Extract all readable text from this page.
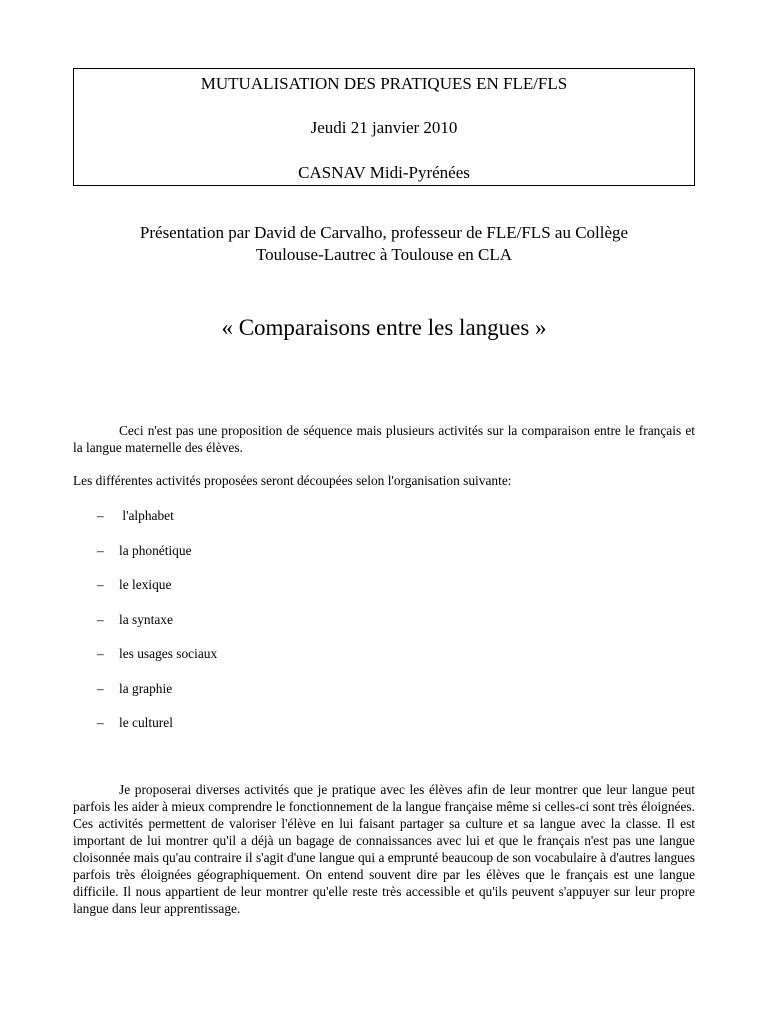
MUTUALISATION DES PRATIQUES EN FLE/FLS
Jeudi 21 janvier 2010
CASNAV Midi-Pyrénées
Présentation par David de Carvalho, professeur de FLE/FLS au Collège
Toulouse-Lautrec à Toulouse en CLA
« Comparaisons entre les langues »
Ceci n'est pas une proposition de séquence mais plusieurs activités sur la comparaison entre le français et la langue maternelle des élèves.
Les différentes activités proposées seront découpées selon l'organisation suivante:
– l'alphabet
– la phonétique
– le lexique
– la syntaxe
– les usages sociaux
– la graphie
– le culturel
Je proposerai diverses activités que je pratique avec les élèves afin de leur montrer que leur langue peut parfois les aider à mieux comprendre le fonctionnement de la langue française même si celles-ci sont très éloignées. Ces activités permettent de valoriser l'élève en lui faisant partager sa culture et sa langue avec la classe. Il est important de lui montrer qu'il a déjà un bagage de connaissances avec lui et que le français n'est pas une langue cloisonnée mais qu'au contraire il s'agit d'une langue qui a emprunté beaucoup de son vocabulaire à d'autres langues parfois très éloignées géographiquement. On entend souvent dire par les élèves que le français est une langue difficile. Il nous appartient de leur montrer qu'elle reste très accessible et qu'ils peuvent s'appuyer sur leur propre langue dans leur apprentissage.
